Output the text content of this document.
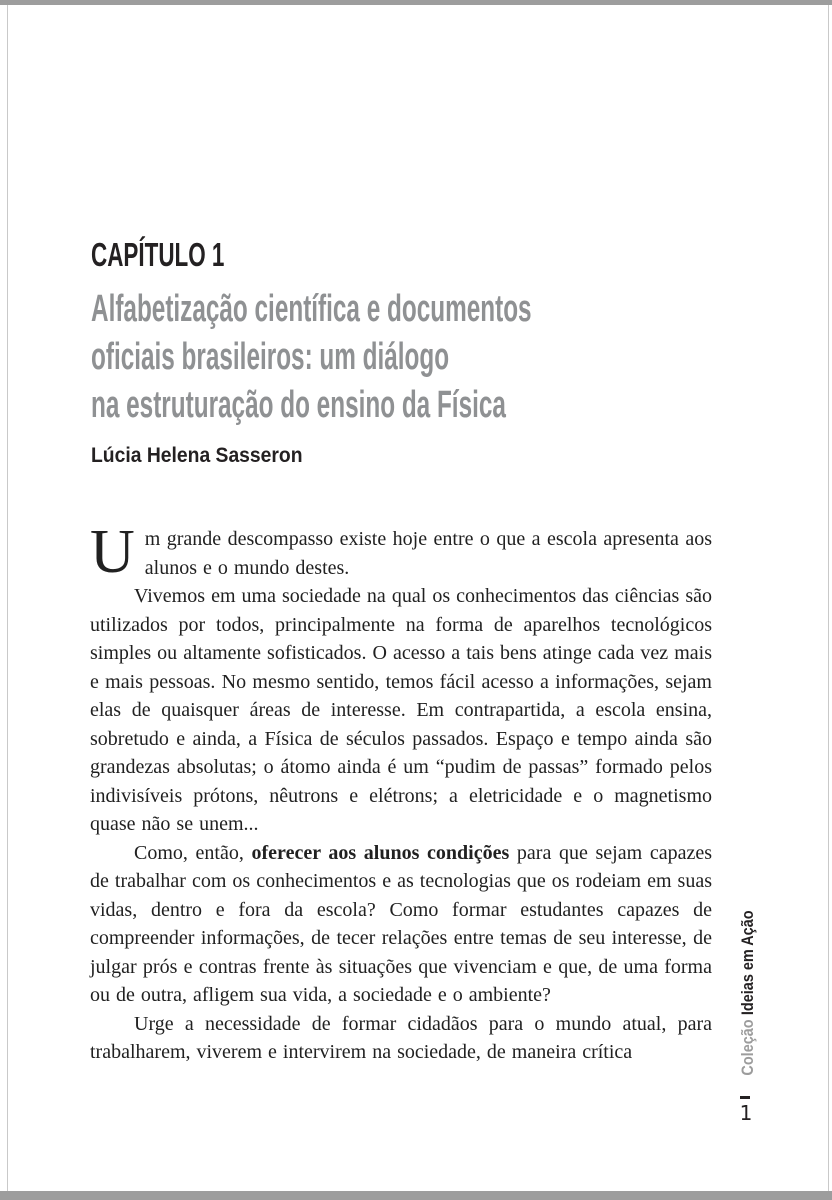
CAPÍTULO 1
Alfabetização científica e documentos
oficiais brasileiros: um diálogo
na estruturação do ensino da Física
Lúcia Helena Sasseron

Um grande descompasso existe hoje entre o que a escola apresenta aos alunos e o mundo destes.

Vivemos em uma sociedade na qual os conhecimentos das ciências são utilizados por todos, principalmente na forma de aparelhos tecnológicos simples ou altamente sofisticados. O acesso a tais bens atinge cada vez mais e mais pessoas. No mesmo sentido, temos fácil acesso a informações, sejam elas de quaisquer áreas de interesse. Em contrapartida, a escola ensina, sobretudo e ainda, a Física de séculos passados. Espaço e tempo ainda são grandezas absolutas; o átomo ainda é um “pudim de passas” formado pelos indivisíveis prótons, nêutrons e elétrons; a eletricidade e o magnetismo quase não se unem...

Como, então, oferecer aos alunos condições para que sejam capazes de trabalhar com os conhecimentos e as tecnologias que os rodeiam em suas vidas, dentro e fora da escola? Como formar estudantes capazes de compreender informações, de tecer relações entre temas de seu interesse, de julgar prós e contras frente às situações que vivenciam e que, de uma forma ou de outra, afligem sua vida, a sociedade e o ambiente?

Urge a necessidade de formar cidadãos para o mundo atual, para trabalharem, viverem e intervirem na sociedade, de maneira crítica	ColeçãoIdeias em Ação
1
